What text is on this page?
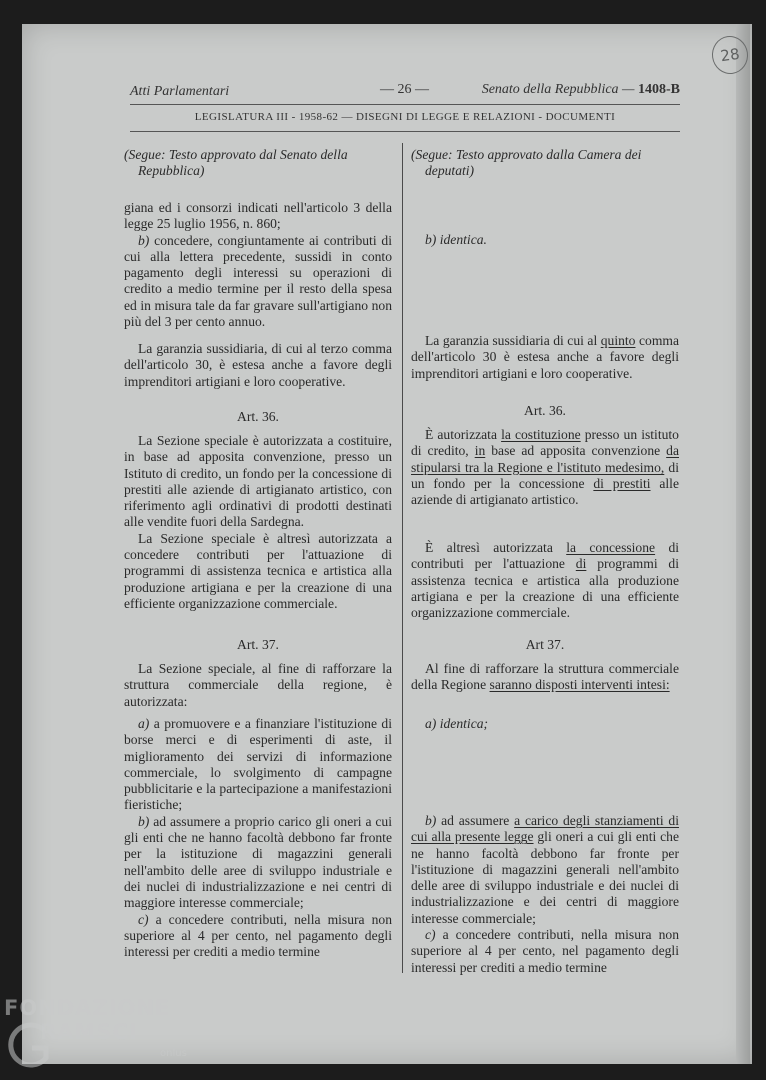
28
Atti Parlamentari	— 26 —	Senato della Repubblica — 1408-B
LEGISLATURA III - 1958-62 — DISEGNI DI LEGGE E RELAZIONI - DOCUMENTI

(Segue: Testo approvato dal Senato della
Repubblica)

giana ed i consorzi indicati nell'articolo 3 della legge 25 luglio 1956, n. 860;

b) concedere, congiuntamente ai contributi di cui alla lettera precedente, sussidi in conto pagamento degli interessi su operazioni di credito a medio termine per il resto della spesa ed in misura tale da far gravare sull'artigiano non più del 3 per cento annuo.

La garanzia sussidiaria, di cui al terzo comma dell'articolo 30, è estesa anche a favore degli imprenditori artigiani e loro cooperative.

Art. 36.

La Sezione speciale è autorizzata a costituire, in base ad apposita convenzione, presso un Istituto di credito, un fondo per la concessione di prestiti alle aziende di artigianato artistico, con riferimento agli ordinativi di prodotti destinati alle vendite fuori della Sardegna.

La Sezione speciale è altresì autorizzata a concedere contributi per l'attuazione di programmi di assistenza tecnica e artistica alla produzione artigiana e per la creazione di una efficiente organizzazione commerciale.

Art. 37.

La Sezione speciale, al fine di rafforzare la struttura commerciale della regione, è autorizzata:

a) a promuovere e a finanziare l'istituzione di borse merci e di esperimenti di aste, il miglioramento dei servizi di informazione commerciale, lo svolgimento di campagne pubblicitarie e la partecipazione a manifestazioni fieristiche;

b) ad assumere a proprio carico gli oneri a cui gli enti che ne hanno facoltà debbono far fronte per la istituzione di magazzini generali nell'ambito delle aree di sviluppo industriale e dei nuclei di industrializzazione e nei centri di maggiore interesse commerciale;

c) a concedere contributi, nella misura non superiore al 4 per cento, nel pagamento degli interessi per crediti a medio termine

(Segue: Testo approvato dalla Camera dei
deputati)

b) identica.

La garanzia sussidiaria di cui al quinto comma dell'articolo 30 è estesa anche a favore degli imprenditori artigiani e loro cooperative.

Art. 36.

È autorizzata la costituzione presso un istituto di credito, in base ad apposita convenzione da stipularsi tra la Regione e l'istituto medesimo, di un fondo per la concessione di prestiti alle aziende di artigianato artistico.

È altresì autorizzata la concessione di contributi per l'attuazione di programmi di assistenza tecnica e artistica alla produzione artigiana e per la creazione di una efficiente organizzazione commerciale.

Art 37.

Al fine di rafforzare la struttura commerciale della Regione saranno disposti interventi intesi:

a) identica;

b) ad assumere a carico degli stanziamenti di cui alla presente legge gli oneri a cui gli enti che ne hanno facoltà debbono far fronte per l'istituzione di magazzini generali nell'ambito delle aree di sviluppo industriale e dei nuclei di industrializzazione e dei centri di maggiore interesse commerciale;

c) a concedere contributi, nella misura non superiore al 4 per cento, nel pagamento degli interessi per crediti a medio termine

FONDAZIONE
RAMSCI
onlus
